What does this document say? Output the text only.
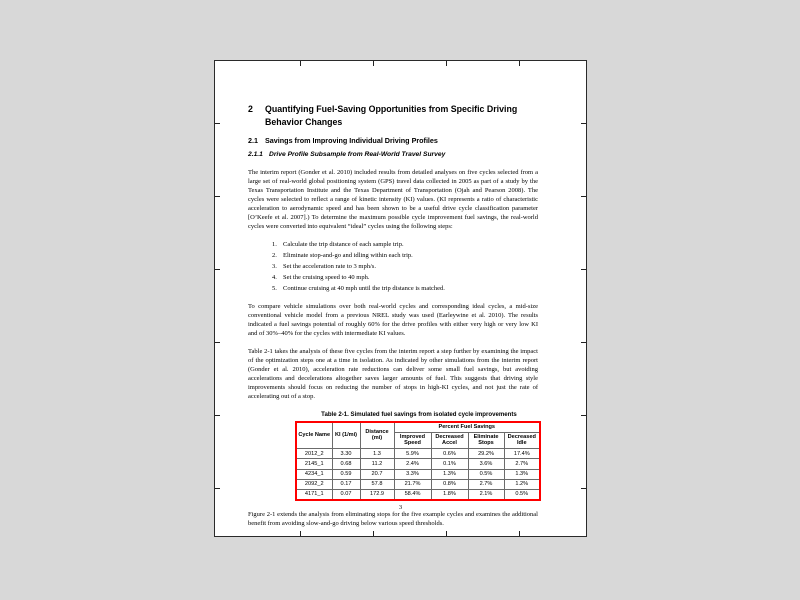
2	Quantifying Fuel-Saving Opportunities from Specific Driving
Behavior Changes
2.1 Savings from Improving Individual Driving Profiles
2.1.1 Drive Profile Subsample from Real-World Travel Survey
The interim report (Gonder et al. 2010) included results from detailed analyses on five cycles selected from a large set of real-world global positioning system (GPS) travel data collected in 2005 as part of a study by the Texas Transportation Institute and the Texas Department of Transportation (Ojah and Pearson 2008). The cycles were selected to reflect a range of kinetic intensity (KI) values. (KI represents a ratio of characteristic acceleration to aerodynamic speed and has been shown to be a useful drive cycle classification parameter [O’Keefe et al. 2007].) To determine the maximum possible cycle improvement fuel savings, the real-world cycles were converted into equivalent “ideal” cycles using the following steps:
1. Calculate the trip distance of each sample trip.
2. Eliminate stop-and-go and idling within each trip.
3. Set the acceleration rate to 3 mph/s.
4. Set the cruising speed to 40 mph.
5. Continue cruising at 40 mph until the trip distance is matched.
To compare vehicle simulations over both real-world cycles and corresponding ideal cycles, a mid-size conventional vehicle model from a previous NREL study was used (Earleywine et al. 2010). The results indicated a fuel savings potential of roughly 60% for the drive profiles with either very high or very low KI and of 30%–40% for the cycles with intermediate KI values.
Table 2-1 takes the analysis of these five cycles from the interim report a step further by examining the impact of the optimization steps one at a time in isolation. As indicated by other simulations from the interim report (Gonder et al. 2010), acceleration rate reductions can deliver some small fuel savings, but avoiding accelerations and decelerations altogether saves larger amounts of fuel. This suggests that driving style improvements should focus on reducing the number of stops in high-KI cycles, and not just the rate of accelerating out of a stop.
Table 2-1. Simulated fuel savings from isolated cycle improvements
Cycle Name	KI (1/mi)	Distance (mi)	Percent Fuel Savings			
			Improved Speed	Decreased Accel	Eliminate Stops	Decreased Idle
2012_2	3.30	1.3	5.9%	0.6%	29.2%	17.4%
2145_1	0.68	11.2	2.4%	0.1%	3.6%	2.7%
4234_1	0.59	20.7	3.3%	1.3%	0.5%	1.3%
2092_2	0.17	57.8	21.7%	0.8%	2.7%	1.2%
4171_1	0.07	172.9	58.4%	1.8%	2.1%	0.5%
Figure 2-1 extends the analysis from eliminating stops for the five example cycles and examines the additional benefit from avoiding slow-and-go driving below various speed thresholds.
3
